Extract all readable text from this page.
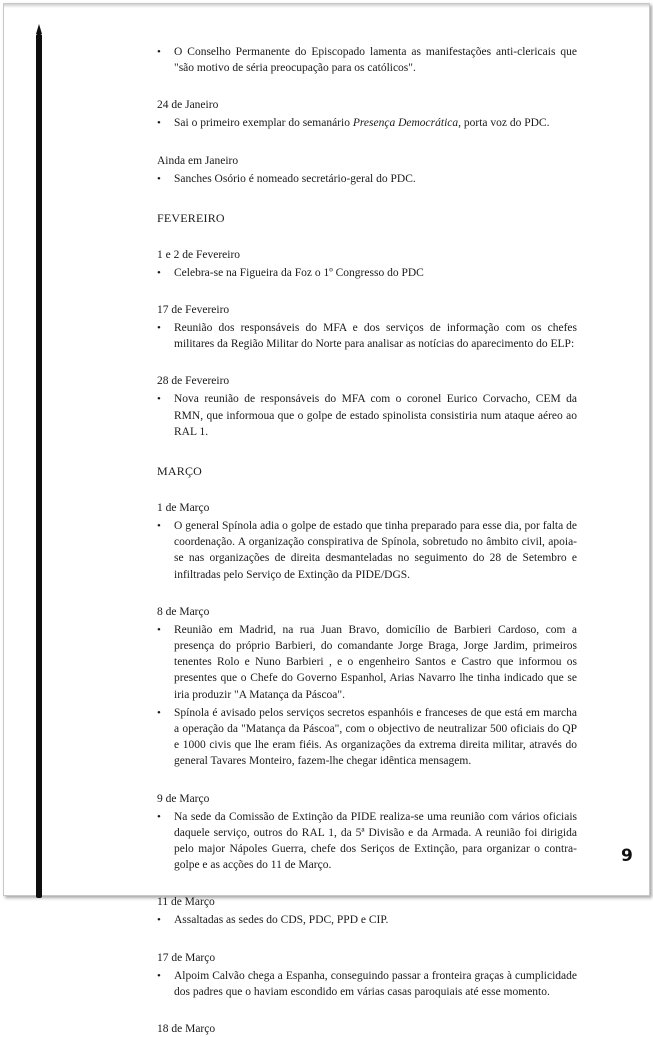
• O Conselho Permanente do Episcopado lamenta as manifestações anti-clericais que "são motivo de séria preocupação para os católicos".
24 de Janeiro
• Sai o primeiro exemplar do semanário Presença Democrática, porta voz do PDC.
Ainda em Janeiro
• Sanches Osório é nomeado secretário-geral do PDC.
FEVEREIRO
1 e 2 de Fevereiro
• Celebra-se na Figueira da Foz o 1º Congresso do PDC
17 de Fevereiro
• Reunião dos responsáveis do MFA e dos serviços de informação com os chefes militares da Região Militar do Norte para analisar as notícias do aparecimento do ELP:
28 de Fevereiro
• Nova reunião de responsáveis do MFA com o coronel Eurico Corvacho, CEM da RMN, que informoua que o golpe de estado spinolista consistiria num ataque aéreo ao RAL 1.
MARÇO
1 de Março
• O general Spínola adia o golpe de estado que tinha preparado para esse dia, por falta de coordenação. A organização conspirativa de Spínola, sobretudo no âmbito civil, apoia-se nas organizações de direita desmanteladas no seguimento do 28 de Setembro e infiltradas pelo Serviço de Extinção da PIDE/DGS.
8 de Março
• Reunião em Madrid, na rua Juan Bravo, domicílio de Barbieri Cardoso, com a presença do próprio Barbieri, do comandante Jorge Braga, Jorge Jardim, primeiros tenentes Rolo e Nuno Barbieri , e o engenheiro Santos e Castro que informou os presentes que o Chefe do Governo Espanhol, Arias Navarro lhe tinha indicado que se iria produzir "A Matança da Páscoa".
• Spínola é avisado pelos serviços secretos espanhóis e franceses de que está em marcha a operação da "Matança da Páscoa", com o objectivo de neutralizar 500 oficiais do QP e 1000 civis que lhe eram fiéis. As organizações da extrema direita militar, através do general Tavares Monteiro, fazem-lhe chegar idêntica mensagem.
9 de Março
• Na sede da Comissão de Extinção da PIDE realiza-se uma reunião com vários oficiais daquele serviço, outros do RAL 1, da 5ª Divisão e da Armada. A reunião foi dirigida pelo major Nápoles Guerra, chefe dos Seriços de Extinção, para organizar o contra-golpe e as acções do 11 de Março.
11 de Março
• Assaltadas as sedes do CDS, PDC, PPD e CIP.
17 de Março
• Alpoim Calvão chega a Espanha, conseguindo passar a fronteira graças à cumplicidade dos padres que o haviam escondido em várias casas paroquiais até esse momento.
18 de Março
9
